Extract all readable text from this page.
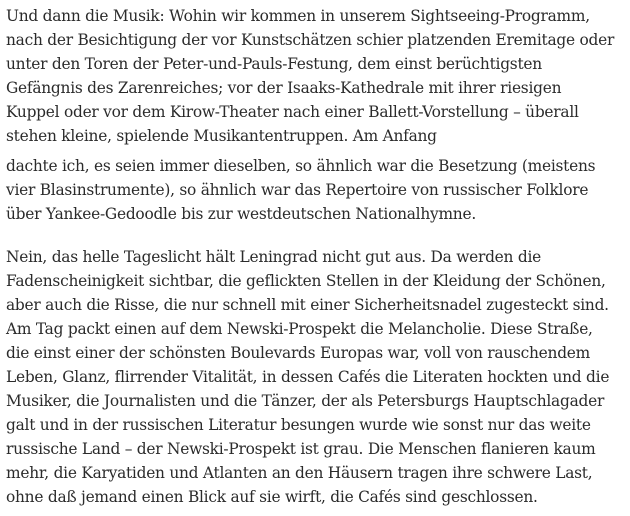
Und dann die Musik: Wohin wir kommen in unserem Sightseeing-Programm,
nach der Besichtigung der vor Kunstschätzen schier platzenden Eremitage oder
unter den Toren der Peter-und-Pauls-Festung, dem einst berüchtigsten
Gefängnis des Zarenreiches; vor der Isaaks-Kathedrale mit ihrer riesigen
Kuppel oder vor dem Kirow-Theater nach einer Ballett-Vorstellung – überall
stehen kleine, spielende Musikantentruppen. Am Anfang

dachte ich, es seien immer dieselben, so ähnlich war die Besetzung (meistens
vier Blasinstrumente), so ähnlich war das Repertoire von russischer Folklore
über Yankee-Gedoodle bis zur westdeutschen Nationalhymne.

Nein, das helle Tageslicht hält Leningrad nicht gut aus. Da werden die
Fadenscheinigkeit sichtbar, die geflickten Stellen in der Kleidung der Schönen,
aber auch die Risse, die nur schnell mit einer Sicherheitsnadel zugesteckt sind.
Am Tag packt einen auf dem Newski-Prospekt die Melancholie. Diese Straße,
die einst einer der schönsten Boulevards Europas war, voll von rauschendem
Leben, Glanz, flirrender Vitalität, in dessen Cafés die Literaten hockten und die
Musiker, die Journalisten und die Tänzer, der als Petersburgs Hauptschlagader
galt und in der russischen Literatur besungen wurde wie sonst nur das weite
russische Land – der Newski-Prospekt ist grau. Die Menschen flanieren kaum
mehr, die Karyatiden und Atlanten an den Häusern tragen ihre schwere Last,
ohne daß jemand einen Blick auf sie wirft, die Cafés sind geschlossen.
